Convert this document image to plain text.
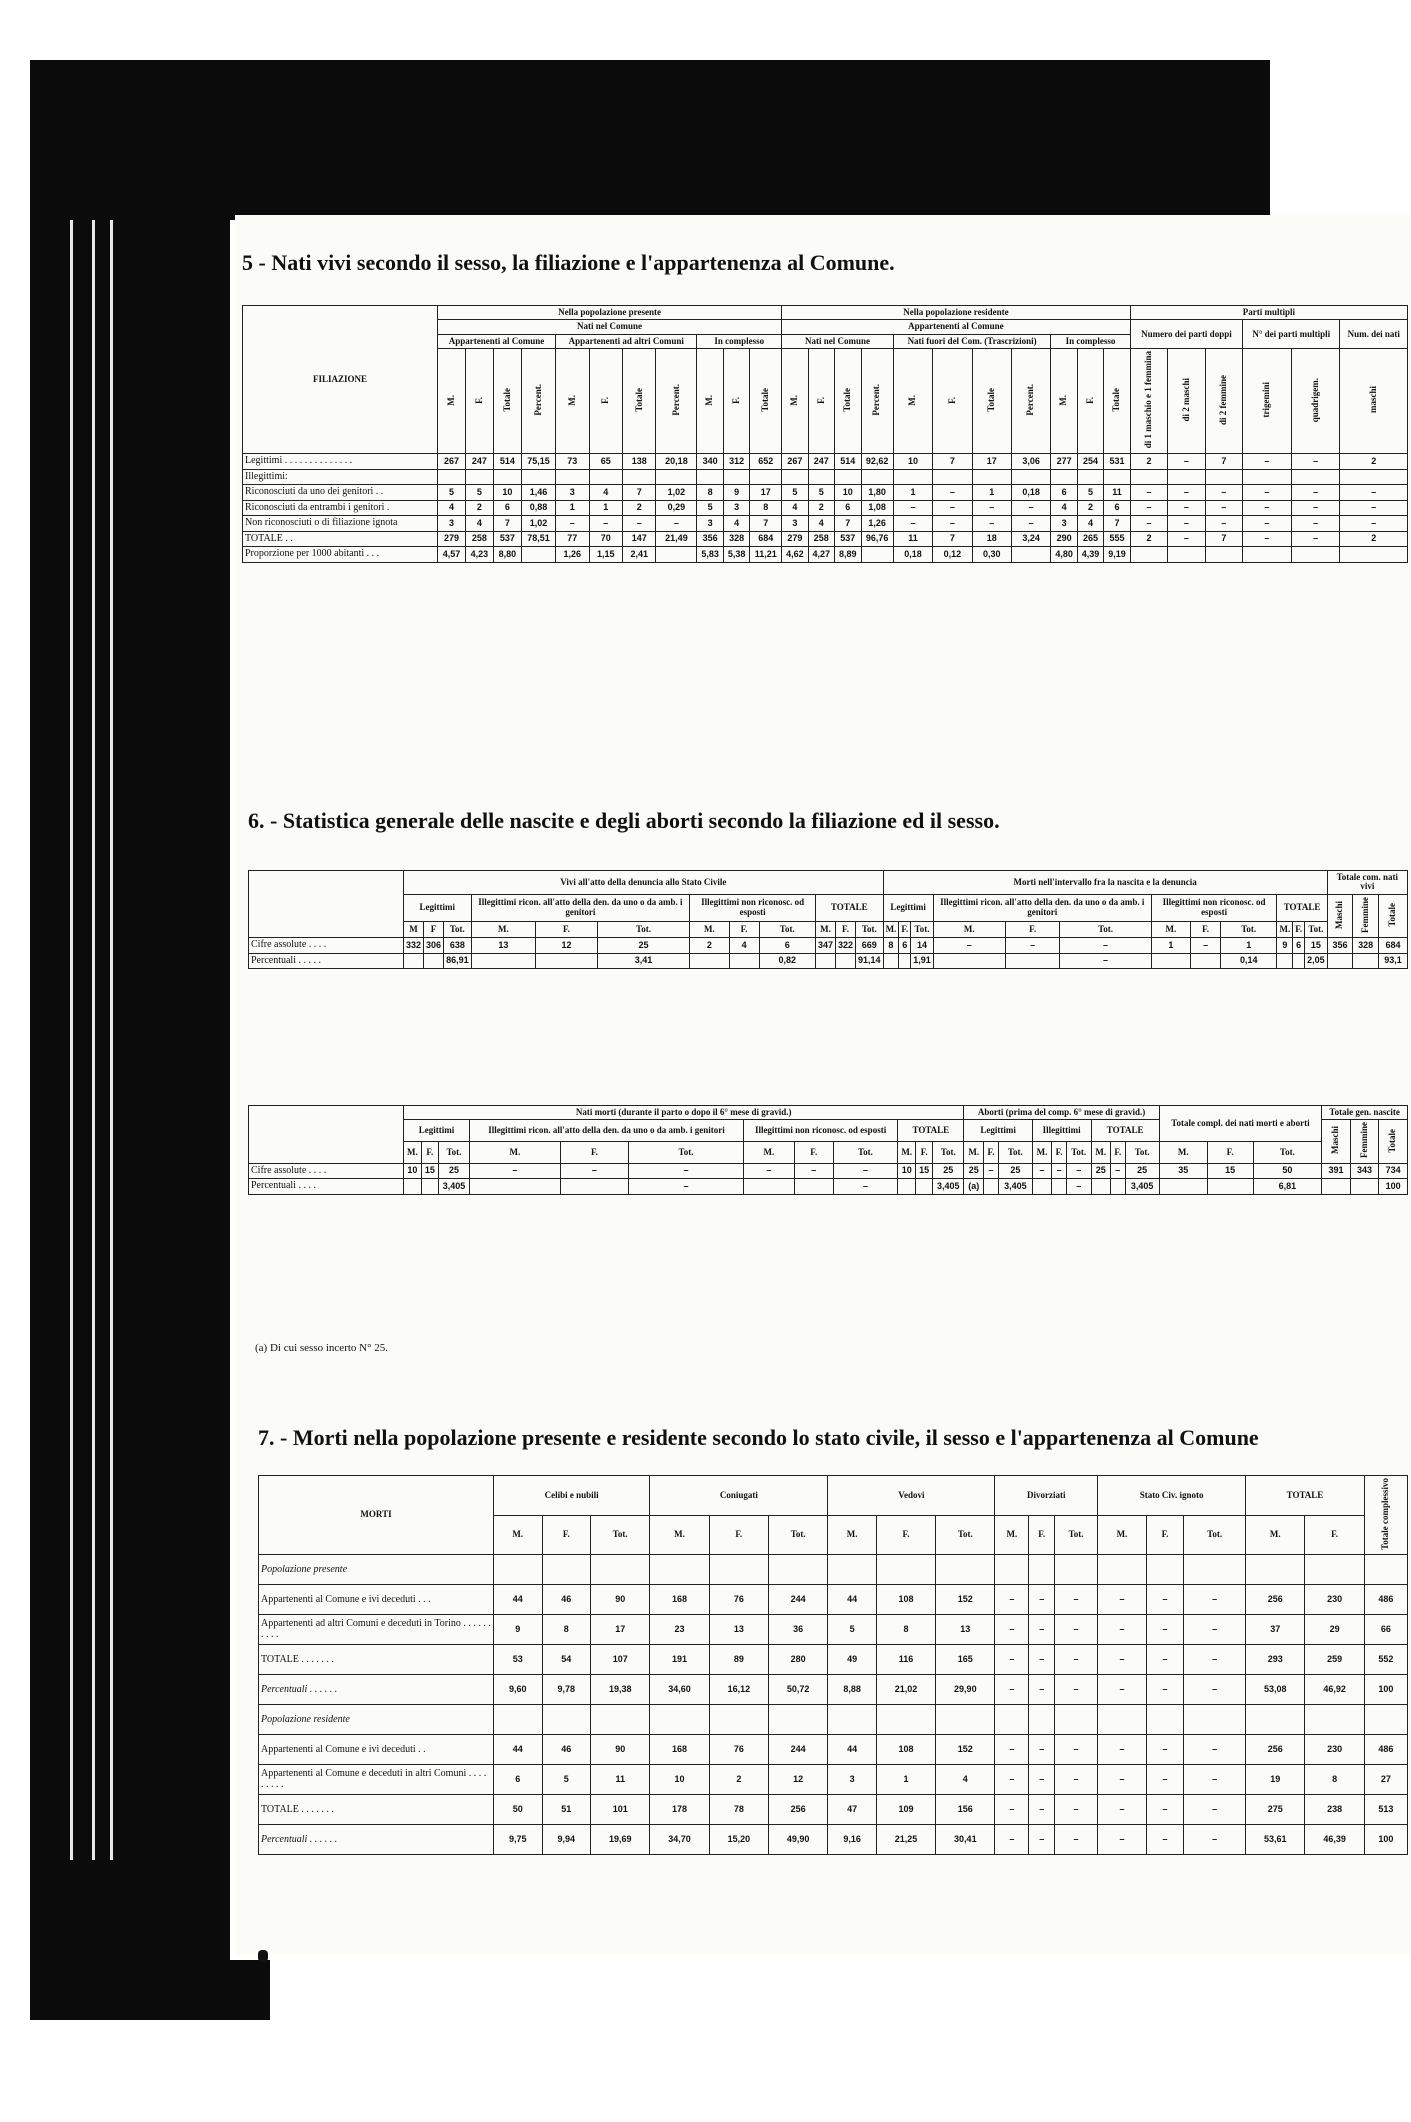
5 - Nati vivi secondo il sesso, la filiazione e l'appartenenza al Comune.
FILIAZIONE	Nella popolazione presente											Nella popolazione residente											Parti multipli					
	Nati nel Comune											Appartenenti al Comune											Numero dei parti doppi			N° dei parti multipli		Num. dei nati
	Appartenenti al Comune				Appartenenti ad altri Comuni				In complesso			Nati nel Comune				Nati fuori del Com. (Trascrizioni)				In complesso								
	M.	F.	Totale	Percent.	M.	F.	Totale	Percent.	M.	F.	Totale	M.	F.	Totale	Percent.	M.	F.	Totale	Percent.	M.	F.	Totale	di 1 maschio e 1 femmina	di 2 maschi	di 2 femmine	trigemini	quadrigem.	maschi
Legittimi . . . . . . . . . . . . . .	267	247	514	75,15	73	65	138	20,18	340	312	652	267	247	514	92,62	10	7	17	3,06	277	254	531	2	–	7	–	–	2
Illegittimi:																												
Riconosciuti da uno dei genitori . .	5	5	10	1,46	3	4	7	1,02	8	9	17	5	5	10	1,80	1	–	1	0,18	6	5	11	–	–	–	–	–	–
Riconosciuti da entrambi i genitori .	4	2	6	0,88	1	1	2	0,29	5	3	8	4	2	6	1,08	–	–	–	–	4	2	6	–	–	–	–	–	–
Non riconosciuti o di filiazione ignota	3	4	7	1,02	–	–	–	–	3	4	7	3	4	7	1,26	–	–	–	–	3	4	7	–	–	–	–	–	–
TOTALE . .	279	258	537	78,51	77	70	147	21,49	356	328	684	279	258	537	96,76	11	7	18	3,24	290	265	555	2	–	7	–	–	2
Proporzione per 1000 abitanti . . .	4,57	4,23	8,80		1,26	1,15	2,41		5,83	5,38	11,21	4,62	4,27	8,89		0,18	0,12	0,30		4,80	4,39	9,19						
6. - Statistica generale delle nascite e degli aborti secondo la filiazione ed il sesso.
	Vivi all'atto della denuncia allo Stato Civile												Morti nell'intervallo fra la nascita e la denuncia												Totale com. nati vivi		
	Legittimi			Illegittimi ricon. all'atto della den. da uno o da amb. i genitori			Illegittimi non riconosc. od esposti			TOTALE			Legittimi			Illegittimi ricon. all'atto della den. da uno o da amb. i genitori			Illegittimi non riconosc. od esposti			TOTALE			Maschi	Femmine	Totale
	M	F	Tot.	M.	F.	Tot.	M.	F.	Tot.	M.	F.	Tot.	M.	F.	Tot.	M.	F.	Tot.	M.	F.	Tot.	M.	F.	Tot.			
Cifre assolute . . . .	332	306	638	13	12	25	2	4	6	347	322	669	8	6	14	–	–	–	1	–	1	9	6	15	356	328	684
Percentuali . . . . .			86,91			3,41			0,82			91,14			1,91			–			0,14			2,05			93,1
	Nati morti (durante il parto o dopo il 6° mese di gravid.)												Aborti (prima del comp. 6° mese di gravid.)									Totale compl. dei nati morti e aborti			Totale gen. nascite		
	Legittimi			Illegittimi ricon. all'atto della den. da uno o da amb. i genitori			Illegittimi non riconosc. od esposti			TOTALE			Legittimi			Illegittimi			TOTALE						Maschi	Femmine	Totale
	M.	F.	Tot.	M.	F.	Tot.	M.	F.	Tot.	M.	F.	Tot.	M.	F.	Tot.	M.	F.	Tot.	M.	F.	Tot.	M.	F.	Tot.			
Cifre assolute . . . .	10	15	25	–	–	–	–	–	–	10	15	25	25	–	25	–	–	–	25	–	25	35	15	50	391	343	734
Percentuali . . . .			3,405			–			–			3,405	(a)		3,405			–			3,405			6,81			100
(a) Di cui sesso incerto N° 25.
7. - Morti nella popolazione presente e residente secondo lo stato civile, il sesso e l'appartenenza al Comune
MORTI	Celibi e nubili			Coniugati			Vedovi			Divorziati			Stato Civ. ignoto			TOTALE		Totale complessivo
	M.	F.	Tot.	M.	F.	Tot.	M.	F.	Tot.	M.	F.	Tot.	M.	F.	Tot.	M.	F.	
Popolazione presente																		
Appartenenti al Comune e ivi deceduti . . .	44	46	90	168	76	244	44	108	152	–	–	–	–	–	–	256	230	486
Appartenenti ad altri Comuni e deceduti in Torino . . . . . . . . . .	9	8	17	23	13	36	5	8	13	–	–	–	–	–	–	37	29	66
TOTALE . . . . . . .	53	54	107	191	89	280	49	116	165	–	–	–	–	–	–	293	259	552
Percentuali . . . . . .	9,60	9,78	19,38	34,60	16,12	50,72	8,88	21,02	29,90	–	–	–	–	–	–	53,08	46,92	100
Popolazione residente																		
Appartenenti al Comune e ivi deceduti . .	44	46	90	168	76	244	44	108	152	–	–	–	–	–	–	256	230	486
Appartenenti al Comune e deceduti in altri Comuni . . . . . . . . .	6	5	11	10	2	12	3	1	4	–	–	–	–	–	–	19	8	27
TOTALE . . . . . . .	50	51	101	178	78	256	47	109	156	–	–	–	–	–	–	275	238	513
Percentuali . . . . . .	9,75	9,94	19,69	34,70	15,20	49,90	9,16	21,25	30,41	–	–	–	–	–	–	53,61	46,39	100
